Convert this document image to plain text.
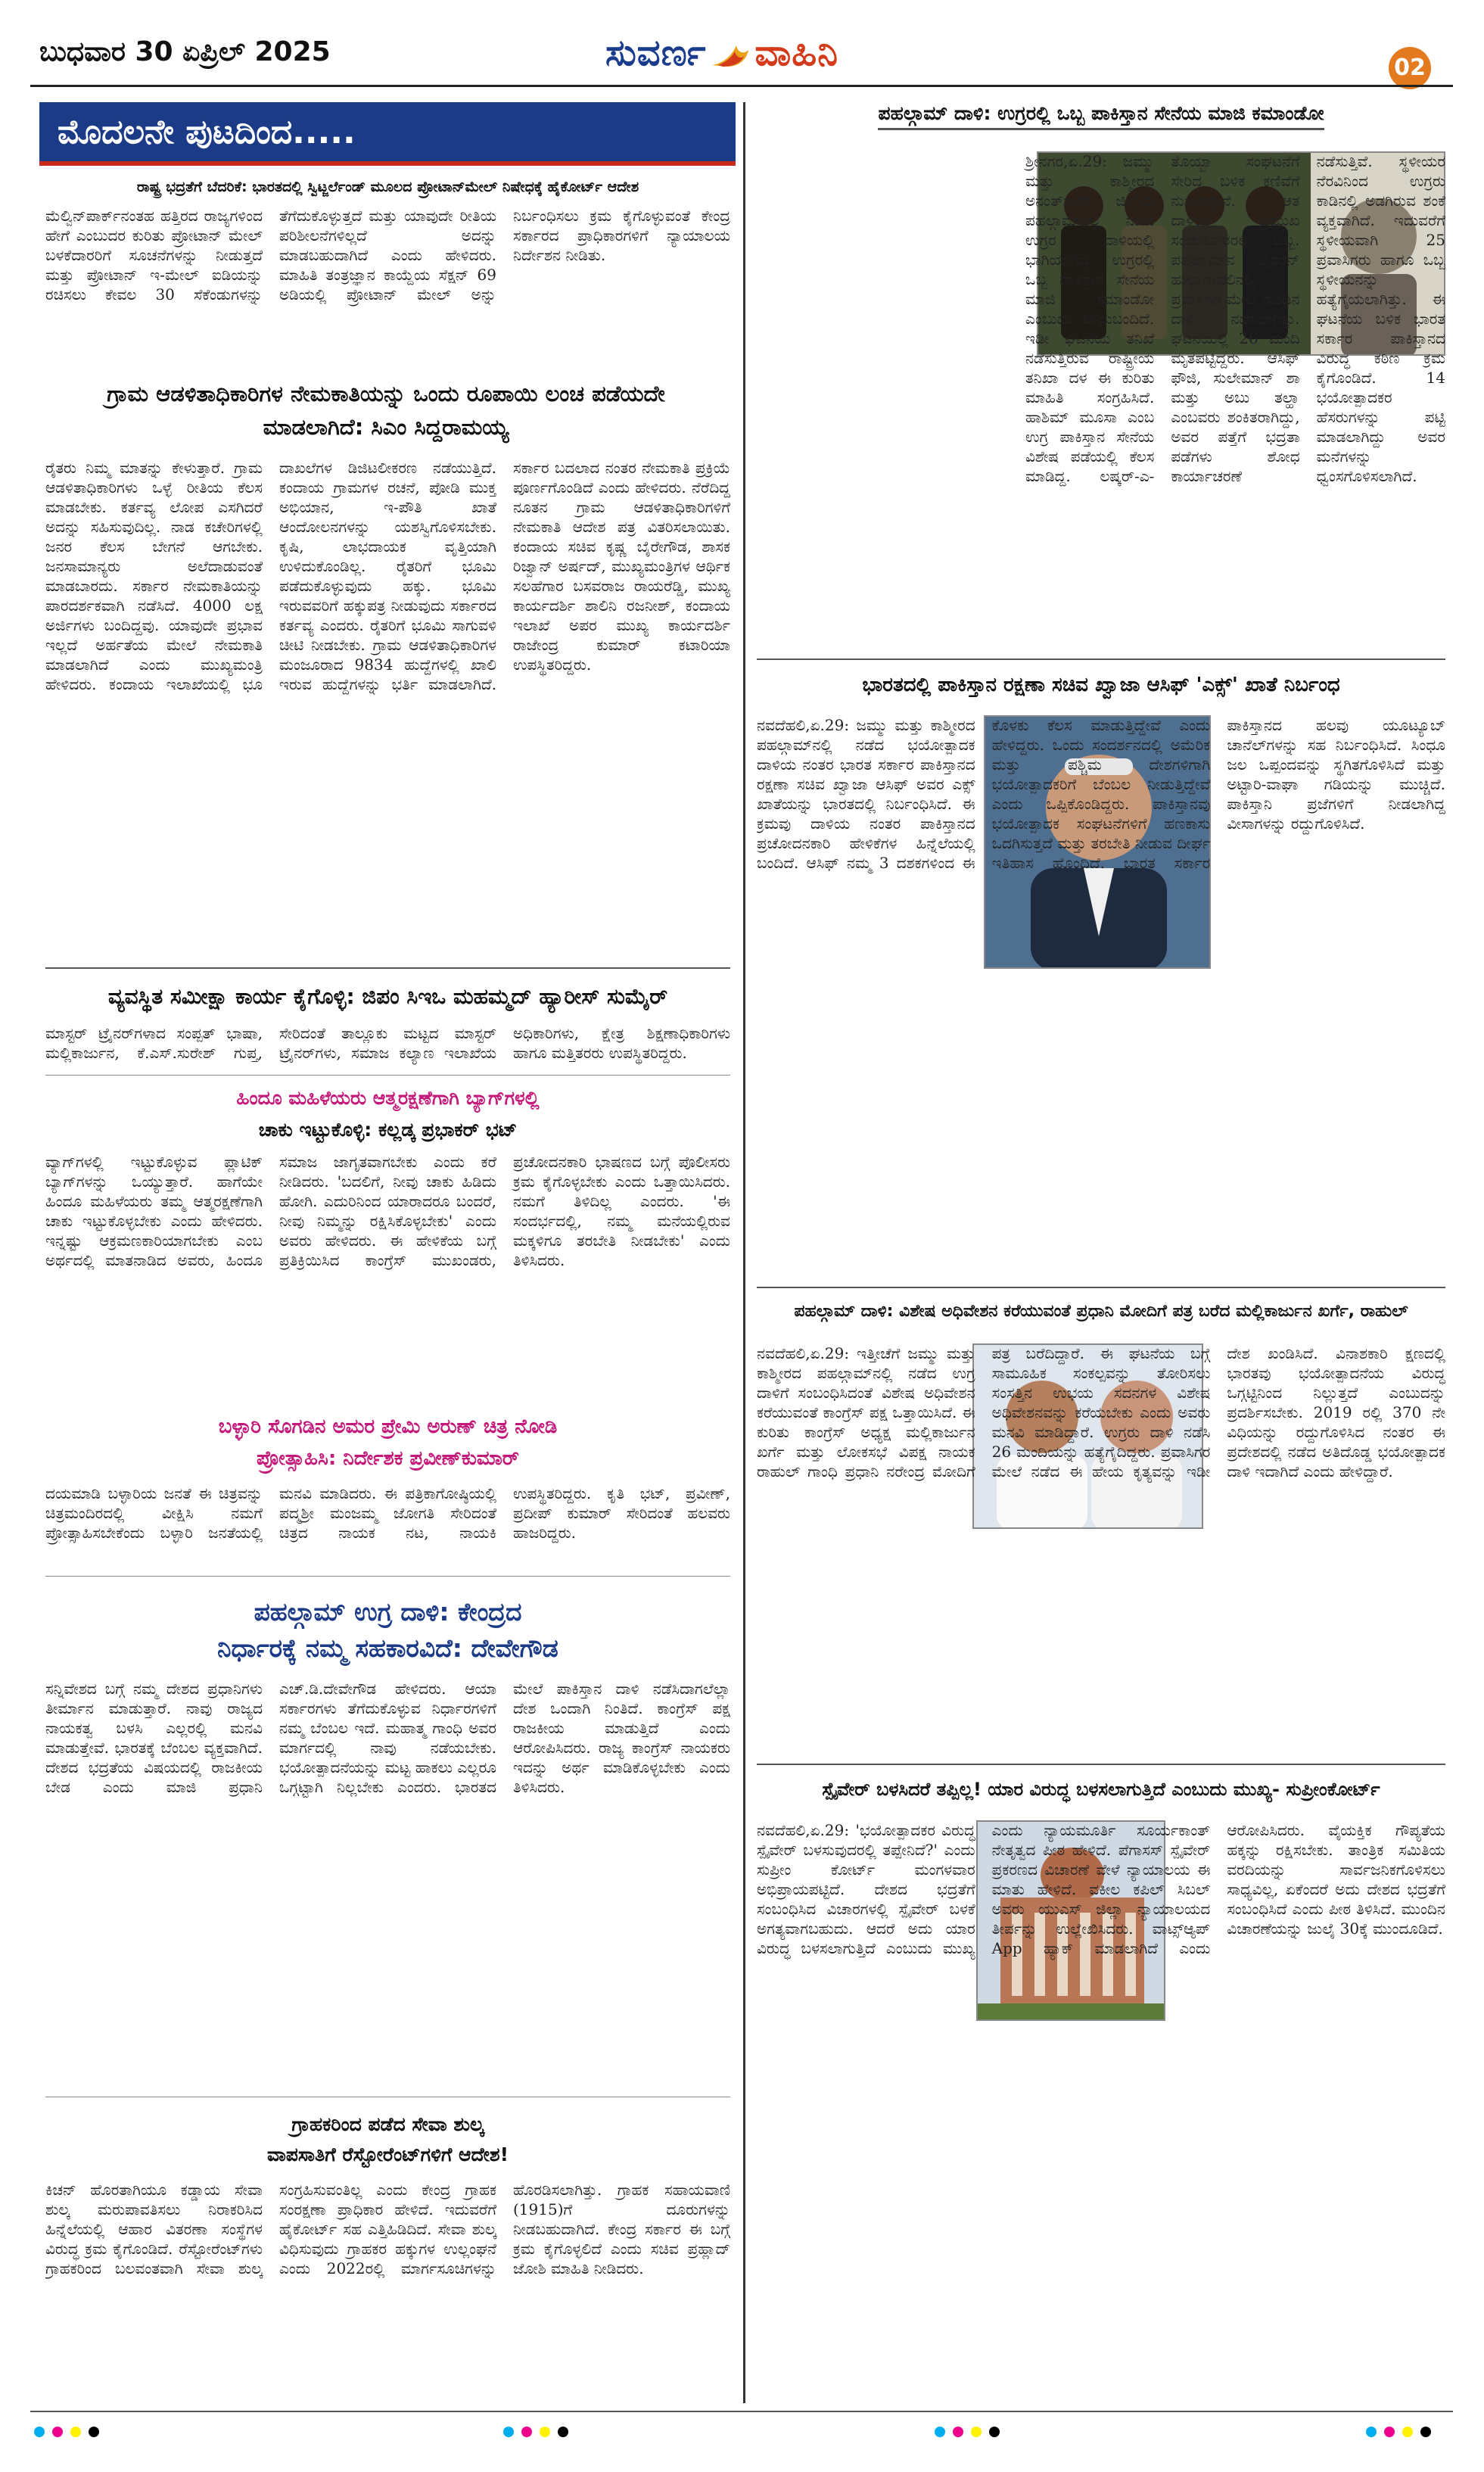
ಬುಧವಾರ 30 ಏಪ್ರಿಲ್ 2025	ಸುವರ್ಣ ವಾಹಿನಿ	02
ಮೊದಲನೇ ಪುಟದಿಂದ.....
ರಾಷ್ಟ್ರ ಭದ್ರತೆಗೆ ಬೆದರಿಕೆ: ಭಾರತದಲ್ಲಿ ಸ್ವಿಟ್ಜರ್ಲೆಂಡ್ ಮೂಲದ ಪ್ರೋಟಾನ್‌ಮೇಲ್ ನಿಷೇಧಕ್ಕೆ ಹೈಕೋರ್ಟ್ ಆದೇಶ
ಮೆಲ್ವಿನ್‌ಪಾರ್ಕ್‌ನಂತಹ ಹತ್ತಿರದ ರಾಜ್ಯಗಳಿಂದ ಹೇಗೆ ಎಂಬುದರ ಕುರಿತು ಪ್ರೋಟಾನ್ ಮೇಲ್ ಬಳಕೆದಾರರಿಗೆ ಸೂಚನೆಗಳನ್ನು ನೀಡುತ್ತದೆ ಮತ್ತು ಪ್ರೋಟಾನ್ ಇ-ಮೇಲ್ ಐಡಿಯನ್ನು ರಚಿಸಲು ಕೇವಲ 30 ಸೆಕೆಂಡುಗಳನ್ನು ತೆಗೆದುಕೊಳ್ಳುತ್ತದೆ ಮತ್ತು ಯಾವುದೇ ರೀತಿಯ ಪರಿಶೀಲನೆಗಳಿಲ್ಲದೆ ಅದನ್ನು ಮಾಡಬಹುದಾಗಿದೆ ಎಂದು ಹೇಳಿದರು. ಮಾಹಿತಿ ತಂತ್ರಜ್ಞಾನ ಕಾಯ್ದೆಯ ಸೆಕ್ಷನ್ 69 ಅಡಿಯಲ್ಲಿ ಪ್ರೋಟಾನ್ ಮೇಲ್ ಅನ್ನು ನಿರ್ಬಂಧಿಸಲು ಕ್ರಮ ಕೈಗೊಳ್ಳುವಂತೆ ಕೇಂದ್ರ ಸರ್ಕಾರದ ಪ್ರಾಧಿಕಾರಗಳಿಗೆ ನ್ಯಾಯಾಲಯ ನಿರ್ದೇಶನ ನೀಡಿತು.
ಗ್ರಾಮ ಆಡಳಿತಾಧಿಕಾರಿಗಳ ನೇಮಕಾತಿಯನ್ನು ಒಂದು ರೂಪಾಯಿ ಲಂಚ ಪಡೆಯದೇ ಮಾಡಲಾಗಿದೆ: ಸಿಎಂ ಸಿದ್ದರಾಮಯ್ಯ
ರೈತರು ನಿಮ್ಮ ಮಾತನ್ನು ಕೇಳುತ್ತಾರೆ. ಗ್ರಾಮ ಆಡಳಿತಾಧಿಕಾರಿಗಳು ಒಳ್ಳೆ ರೀತಿಯ ಕೆಲಸ ಮಾಡಬೇಕು. ಕರ್ತವ್ಯ ಲೋಪ ಎಸಗಿದರೆ ಅದನ್ನು ಸಹಿಸುವುದಿಲ್ಲ. ನಾಡ ಕಚೇರಿಗಳಲ್ಲಿ ಜನರ ಕೆಲಸ ಬೇಗನೆ ಆಗಬೇಕು. ಜನಸಾಮಾನ್ಯರು ಅಲೆದಾಡುವಂತೆ ಮಾಡಬಾರದು. ಸರ್ಕಾರ ನೇಮಕಾತಿಯನ್ನು ಪಾರದರ್ಶಕವಾಗಿ ನಡೆಸಿದೆ. 4000 ಲಕ್ಷ ಅರ್ಜಿಗಳು ಬಂದಿದ್ದವು. ಯಾವುದೇ ಪ್ರಭಾವ ಇಲ್ಲದೆ ಅರ್ಹತೆಯ ಮೇಲೆ ನೇಮಕಾತಿ ಮಾಡಲಾಗಿದೆ ಎಂದು ಮುಖ್ಯಮಂತ್ರಿ ಹೇಳಿದರು. ಕಂದಾಯ ಇಲಾಖೆಯಲ್ಲಿ ಭೂ ದಾಖಲೆಗಳ ಡಿಜಿಟಲೀಕರಣ ನಡೆಯುತ್ತಿದೆ. ಕಂದಾಯ ಗ್ರಾಮಗಳ ರಚನೆ, ಪೋಡಿ ಮುಕ್ತ ಅಭಿಯಾನ, ಇ-ಪೌತಿ ಖಾತೆ ಆಂದೋಲನಗಳನ್ನು ಯಶಸ್ವಿಗೊಳಿಸಬೇಕು. ಕೃಷಿ, ಲಾಭದಾಯಕ ವೃತ್ತಿಯಾಗಿ ಉಳಿದುಕೊಂಡಿಲ್ಲ. ರೈತರಿಗೆ ಭೂಮಿ ಪಡೆದುಕೊಳ್ಳುವುದು ಹಕ್ಕು. ಭೂಮಿ ಇರುವವರಿಗೆ ಹಕ್ಕುಪತ್ರ ನೀಡುವುದು ಸರ್ಕಾರದ ಕರ್ತವ್ಯ ಎಂದರು. ರೈತರಿಗೆ ಭೂಮಿ ಸಾಗುವಳಿ ಚೀಟಿ ನೀಡಬೇಕು. ಗ್ರಾಮ ಆಡಳಿತಾಧಿಕಾರಿಗಳ ಮಂಜೂರಾದ 9834 ಹುದ್ದೆಗಳಲ್ಲಿ ಖಾಲಿ ಇರುವ ಹುದ್ದೆಗಳನ್ನು ಭರ್ತಿ ಮಾಡಲಾಗಿದೆ. ಸರ್ಕಾರ ಬದಲಾದ ನಂತರ ನೇಮಕಾತಿ ಪ್ರಕ್ರಿಯೆ ಪೂರ್ಣಗೊಂಡಿದೆ ಎಂದು ಹೇಳಿದರು. ನೆರೆದಿದ್ದ ನೂತನ ಗ್ರಾಮ ಆಡಳಿತಾಧಿಕಾರಿಗಳಿಗೆ ನೇಮಕಾತಿ ಆದೇಶ ಪತ್ರ ವಿತರಿಸಲಾಯಿತು. ಕಂದಾಯ ಸಚಿವ ಕೃಷ್ಣ ಬೈರೇಗೌಡ, ಶಾಸಕ ರಿಜ್ವಾನ್ ಅರ್ಷದ್, ಮುಖ್ಯಮಂತ್ರಿಗಳ ಆರ್ಥಿಕ ಸಲಹೆಗಾರ ಬಸವರಾಜ ರಾಯರೆಡ್ಡಿ, ಮುಖ್ಯ ಕಾರ್ಯದರ್ಶಿ ಶಾಲಿನಿ ರಜನೀಶ್, ಕಂದಾಯ ಇಲಾಖೆ ಅಪರ ಮುಖ್ಯ ಕಾರ್ಯದರ್ಶಿ ರಾಜೇಂದ್ರ ಕುಮಾರ್ ಕಟಾರಿಯಾ ಉಪಸ್ಥಿತರಿದ್ದರು.
ವ್ಯವಸ್ಥಿತ ಸಮೀಕ್ಷಾ ಕಾರ್ಯ ಕೈಗೊಳ್ಳಿ: ಜಿಪಂ ಸಿಇಒ ಮಹಮ್ಮದ್ ಹ್ಯಾರೀಸ್ ಸುಮೈರ್
ಮಾಸ್ಟರ್ ಟ್ರೈನರ್‌ಗಳಾದ ಸಂಪ್ಪತ್ ಭಾಷಾ, ಮಲ್ಲಿಕಾರ್ಜುನ, ಕೆ.ಎಸ್.ಸುರೇಶ್ ಗುಪ್ತ, ಸೇರಿದಂತೆ ತಾಲ್ಲೂಕು ಮಟ್ಟದ ಮಾಸ್ಟರ್ ಟ್ರೈನರ್‌ಗಳು, ಸಮಾಜ ಕಲ್ಯಾಣ ಇಲಾಖೆಯ ಅಧಿಕಾರಿಗಳು, ಕ್ಷೇತ್ರ ಶಿಕ್ಷಣಾಧಿಕಾರಿಗಳು ಹಾಗೂ ಮತ್ತಿತರರು ಉಪಸ್ಥಿತರಿದ್ದರು.
ಹಿಂದೂ ಮಹಿಳೆಯರು ಆತ್ಮರಕ್ಷಣೆಗಾಗಿ ಬ್ಯಾಗ್‌ಗಳಲ್ಲಿ
ಚಾಕು ಇಟ್ಟುಕೊಳ್ಳಿ: ಕಲ್ಲಡ್ಕ ಪ್ರಭಾಕರ್ ಭಟ್
ವ್ಯಾಗ್‌ಗಳಲ್ಲಿ ಇಟ್ಟುಕೊಳ್ಳುವ ಪ್ಲಾಟಿಕ್ ಬ್ಯಾಗ್‌ಗಳನ್ನು ಒಯ್ಯುತ್ತಾರೆ. ಹಾಗೆಯೇ ಹಿಂದೂ ಮಹಿಳೆಯರು ತಮ್ಮ ಆತ್ಮರಕ್ಷಣೆಗಾಗಿ ಚಾಕು ಇಟ್ಟುಕೊಳ್ಳಬೇಕು ಎಂದು ಹೇಳಿದರು. ಇನ್ನಷ್ಟು ಆಕ್ರಮಣಕಾರಿಯಾಗಬೇಕು ಎಂಬ ಅರ್ಥದಲ್ಲಿ ಮಾತನಾಡಿದ ಅವರು, ಹಿಂದೂ ಸಮಾಜ ಜಾಗೃತವಾಗಬೇಕು ಎಂದು ಕರೆ ನೀಡಿದರು. 'ಬದಲಿಗೆ, ನೀವು ಚಾಕು ಹಿಡಿದು ಹೋಗಿ. ಎದುರಿನಿಂದ ಯಾರಾದರೂ ಬಂದರೆ, ನೀವು ನಿಮ್ಮನ್ನು ರಕ್ಷಿಸಿಕೊಳ್ಳಬೇಕು' ಎಂದು ಅವರು ಹೇಳಿದರು. ಈ ಹೇಳಿಕೆಯ ಬಗ್ಗೆ ಪ್ರತಿಕ್ರಿಯಿಸಿದ ಕಾಂಗ್ರೆಸ್ ಮುಖಂಡರು, ಪ್ರಚೋದನಕಾರಿ ಭಾಷಣದ ಬಗ್ಗೆ ಪೊಲೀಸರು ಕ್ರಮ ಕೈಗೊಳ್ಳಬೇಕು ಎಂದು ಒತ್ತಾಯಿಸಿದರು. ನಮಗೆ ತಿಳಿದಿಲ್ಲ ಎಂದರು. 'ಈ ಸಂದರ್ಭದಲ್ಲಿ, ನಮ್ಮ ಮನೆಯಲ್ಲಿರುವ ಮಕ್ಕಳಿಗೂ ತರಬೇತಿ ನೀಡಬೇಕು' ಎಂದು ತಿಳಿಸಿದರು.
ಬಳ್ಳಾರಿ ಸೊಗಡಿನ ಅಮರ ಪ್ರೇಮಿ ಅರುಣ್ ಚಿತ್ರ ನೋಡಿ
ಪ್ರೋತ್ಸಾಹಿಸಿ: ನಿರ್ದೇಶಕ ಪ್ರವೀಣ್‌ಕುಮಾರ್
ದಯಮಾಡಿ ಬಳ್ಳಾರಿಯ ಜನತೆ ಈ ಚಿತ್ರವನ್ನು ಚಿತ್ರಮಂದಿರದಲ್ಲಿ ವೀಕ್ಷಿಸಿ ನಮಗೆ ಪ್ರೋತ್ಸಾಹಿಸಬೇಕೆಂದು ಬಳ್ಳಾರಿ ಜನತೆಯಲ್ಲಿ ಮನವಿ ಮಾಡಿದರು. ಈ ಪತ್ರಿಕಾಗೋಷ್ಠಿಯಲ್ಲಿ ಪದ್ಮಶ್ರೀ ಮಂಜಮ್ಮ ಜೋಗತಿ ಸೇರಿದಂತೆ ಚಿತ್ರದ ನಾಯಕ ನಟ, ನಾಯಕಿ ಉಪಸ್ಥಿತರಿದ್ದರು. ಕೃತಿ ಭಟ್, ಪ್ರವೀಣ್, ಪ್ರದೀಪ್ ಕುಮಾರ್ ಸೇರಿದಂತೆ ಹಲವರು ಹಾಜರಿದ್ದರು.
ಪಹಲ್ಗಾಮ್ ಉಗ್ರ ದಾಳಿ: ಕೇಂದ್ರದ
ನಿರ್ಧಾರಕ್ಕೆ ನಮ್ಮ ಸಹಕಾರವಿದೆ: ದೇವೇಗೌಡ
ಸನ್ನಿವೇಶದ ಬಗ್ಗೆ ನಮ್ಮ ದೇಶದ ಪ್ರಧಾನಿಗಳು ತೀರ್ಮಾನ ಮಾಡುತ್ತಾರೆ. ನಾವು ರಾಜ್ಯದ ನಾಯಕತ್ವ ಬಳಸಿ ಎಲ್ಲರಲ್ಲಿ ಮನವಿ ಮಾಡುತ್ತೇವೆ. ಭಾರತಕ್ಕೆ ಬೆಂಬಲ ವ್ಯಕ್ತವಾಗಿದೆ. ದೇಶದ ಭದ್ರತೆಯ ವಿಷಯದಲ್ಲಿ ರಾಜಕೀಯ ಬೇಡ ಎಂದು ಮಾಜಿ ಪ್ರಧಾನಿ ಎಚ್.ಡಿ.ದೇವೇಗೌಡ ಹೇಳಿದರು. ಆಯಾ ಸರ್ಕಾರಗಳು ತೆಗೆದುಕೊಳ್ಳುವ ನಿರ್ಧಾರಗಳಿಗೆ ನಮ್ಮ ಬೆಂಬಲ ಇದೆ. ಮಹಾತ್ಮ ಗಾಂಧಿ ಅವರ ಮಾರ್ಗದಲ್ಲಿ ನಾವು ನಡೆಯಬೇಕು. ಭಯೋತ್ಪಾದನೆಯನ್ನು ಮಟ್ಟ ಹಾಕಲು ಎಲ್ಲರೂ ಒಗ್ಗಟ್ಟಾಗಿ ನಿಲ್ಲಬೇಕು ಎಂದರು. ಭಾರತದ ಮೇಲೆ ಪಾಕಿಸ್ತಾನ ದಾಳಿ ನಡೆಸಿದಾಗಲೆಲ್ಲಾ ದೇಶ ಒಂದಾಗಿ ನಿಂತಿದೆ. ಕಾಂಗ್ರೆಸ್ ಪಕ್ಷ ರಾಜಕೀಯ ಮಾಡುತ್ತಿದೆ ಎಂದು ಆರೋಪಿಸಿದರು. ರಾಜ್ಯ ಕಾಂಗ್ರೆಸ್ ನಾಯಕರು ಇದನ್ನು ಅರ್ಥ ಮಾಡಿಕೊಳ್ಳಬೇಕು ಎಂದು ತಿಳಿಸಿದರು.
ಗ್ರಾಹಕರಿಂದ ಪಡೆದ ಸೇವಾ ಶುಲ್ಕ
ವಾಪಸಾತಿಗೆ ರೆಸ್ಟೋರೆಂಟ್‌ಗಳಿಗೆ ಆದೇಶ!
ಕಿಚನ್ ಹೊರತಾಗಿಯೂ ಕಡ್ಡಾಯ ಸೇವಾ ಶುಲ್ಕ ಮರುಪಾವತಿಸಲು ನಿರಾಕರಿಸಿದ ಹಿನ್ನೆಲೆಯಲ್ಲಿ ಆಹಾರ ವಿತರಣಾ ಸಂಸ್ಥೆಗಳ ವಿರುದ್ಧ ಕ್ರಮ ಕೈಗೊಂಡಿದೆ. ರೆಸ್ಟೋರೆಂಟ್‌ಗಳು ಗ್ರಾಹಕರಿಂದ ಬಲವಂತವಾಗಿ ಸೇವಾ ಶುಲ್ಕ ಸಂಗ್ರಹಿಸುವಂತಿಲ್ಲ ಎಂದು ಕೇಂದ್ರ ಗ್ರಾಹಕ ಸಂರಕ್ಷಣಾ ಪ್ರಾಧಿಕಾರ ಹೇಳಿದೆ. ಇದುವರೆಗೆ ಹೈಕೋರ್ಟ್ ಸಹ ಎತ್ತಿಹಿಡಿದಿದೆ. ಸೇವಾ ಶುಲ್ಕ ವಿಧಿಸುವುದು ಗ್ರಾಹಕರ ಹಕ್ಕುಗಳ ಉಲ್ಲಂಘನೆ ಎಂದು 2022ರಲ್ಲಿ ಮಾರ್ಗಸೂಚಿಗಳನ್ನು ಹೊರಡಿಸಲಾಗಿತ್ತು. ಗ್ರಾಹಕ ಸಹಾಯವಾಣಿ (1915)ಗೆ ದೂರುಗಳನ್ನು ನೀಡಬಹುದಾಗಿದೆ. ಕೇಂದ್ರ ಸರ್ಕಾರ ಈ ಬಗ್ಗೆ ಕ್ರಮ ಕೈಗೊಳ್ಳಲಿದೆ ಎಂದು ಸಚಿವ ಪ್ರಹ್ಲಾದ್ ಜೋಶಿ ಮಾಹಿತಿ ನೀಡಿದರು.
ಪಹಲ್ಗಾಮ್ ದಾಳಿ: ಉಗ್ರರಲ್ಲಿ ಒಬ್ಬ ಪಾಕಿಸ್ತಾನ ಸೇನೆಯ ಮಾಜಿ ಕಮಾಂಡೋ
ಶ್ರೀನಗರ,ಏ.29: ಜಮ್ಮು ಮತ್ತು ಕಾಶ್ಮೀರದ ಅನಂತ್‌ನಾಗ್ ಜಿಲ್ಲೆಯ ಪಹಲ್ಗಾಮ್‌ನಲ್ಲಿ ನಡೆದ ಉಗ್ರರ ದಾಳಿಯಲ್ಲಿ ಭಾಗಿಯಾಗಿದ್ದ ಉಗ್ರರಲ್ಲಿ ಒಬ್ಬ ಪಾಕಿಸ್ತಾನ ಸೇನೆಯ ಮಾಜಿ ಕಮಾಂಡೋ ಎಂಬುದು ತಿಳಿದುಬಂದಿದೆ. ಇಡೀ ಘಟನೆಯ ತನಿಖೆ ನಡೆಸುತ್ತಿರುವ ರಾಷ್ಟ್ರೀಯ ತನಿಖಾ ದಳ ಈ ಕುರಿತು ಮಾಹಿತಿ ಸಂಗ್ರಹಿಸಿದೆ. ಹಾಶಿಮ್ ಮೂಸಾ ಎಂಬ ಉಗ್ರ ಪಾಕಿಸ್ತಾನ ಸೇನೆಯ ವಿಶೇಷ ಪಡೆಯಲ್ಲಿ ಕೆಲಸ ಮಾಡಿದ್ದ. ಲಷ್ಕರ್-ಎ-ತೊಯ್ಬಾ ಸಂಘಟನೆಗೆ ಸೇರಿದ ಬಳಿಕ ಕಣಿವೆಗೆ ನುಸುಳಿದ್ದಾನೆ. ಆತ ದಾಳಿಯ ಪ್ರಮುಖ ಸಂಚುಕೋರರಲ್ಲಿ ಒಬ್ಬ. ಪಹಲ್ಗಾಮ್‌ನ ಬೈಸರನ್ ಹುಲ್ಲುಗಾವಲಿನಲ್ಲಿ ಪ್ರವಾಸಿಗರ ಮೇಲೆ ಗುಂಡಿನ ದಾಳಿ ನಡೆಸಲಾಗಿತ್ತು. ಘಟನೆಯಲ್ಲಿ 26 ಮಂದಿ ಮೃತಪಟ್ಟಿದ್ದರು. ಆಸಿಫ್ ಫೌಜಿ, ಸುಲೇಮಾನ್ ಶಾ ಮತ್ತು ಅಬು ತಲ್ಹಾ ಎಂಬವರು ಶಂಕಿತರಾಗಿದ್ದು, ಅವರ ಪತ್ತೆಗೆ ಭದ್ರತಾ ಪಡೆಗಳು ಶೋಧ ಕಾರ್ಯಾಚರಣೆ ನಡೆಸುತ್ತಿವೆ. ಸ್ಥಳೀಯರ ನೆರವಿನಿಂದ ಉಗ್ರರು ಕಾಡಿನಲ್ಲಿ ಅಡಗಿರುವ ಶಂಕೆ ವ್ಯಕ್ತವಾಗಿದೆ. ಇದುವರೆಗೆ ಸ್ಥಳೀಯವಾಗಿ 25 ಪ್ರವಾಸಿಗರು ಹಾಗೂ ಒಬ್ಬ ಸ್ಥಳೀಯನನ್ನು ಹತ್ಯೆಗೈಯಲಾಗಿತ್ತು. ಈ ಘಟನೆಯ ಬಳಿಕ ಭಾರತ ಸರ್ಕಾರ ಪಾಕಿಸ್ತಾನದ ವಿರುದ್ಧ ಕಠಿಣ ಕ್ರಮ ಕೈಗೊಂಡಿದೆ. 14 ಭಯೋತ್ಪಾದಕರ ಹೆಸರುಗಳನ್ನು ಪಟ್ಟಿ ಮಾಡಲಾಗಿದ್ದು ಅವರ ಮನೆಗಳನ್ನು ಧ್ವಂಸಗೊಳಿಸಲಾಗಿದೆ.
ಭಾರತದಲ್ಲಿ ಪಾಕಿಸ್ತಾನ ರಕ್ಷಣಾ ಸಚಿವ ಖ್ವಾಜಾ ಆಸಿಫ್ 'ಎಕ್ಸ್' ಖಾತೆ ನಿರ್ಬಂಧ
ನವದೆಹಲಿ,ಏ.29: ಜಮ್ಮು ಮತ್ತು ಕಾಶ್ಮೀರದ ಪಹಲ್ಗಾಮ್‌ನಲ್ಲಿ ನಡೆದ ಭಯೋತ್ಪಾದಕ ದಾಳಿಯ ನಂತರ ಭಾರತ ಸರ್ಕಾರ ಪಾಕಿಸ್ತಾನದ ರಕ್ಷಣಾ ಸಚಿವ ಖ್ವಾಜಾ ಆಸಿಫ್ ಅವರ ಎಕ್ಸ್ ಖಾತೆಯನ್ನು ಭಾರತದಲ್ಲಿ ನಿರ್ಬಂಧಿಸಿದೆ. ಈ ಕ್ರಮವು ದಾಳಿಯ ನಂತರ ಪಾಕಿಸ್ತಾನದ ಪ್ರಚೋದನಕಾರಿ ಹೇಳಿಕೆಗಳ ಹಿನ್ನೆಲೆಯಲ್ಲಿ ಬಂದಿದೆ. ಆಸಿಫ್ ನಮ್ಮ 3 ದಶಕಗಳಿಂದ ಈ ಕೊಳಕು ಕೆಲಸ ಮಾಡುತ್ತಿದ್ದೇವೆ ಎಂದು ಹೇಳಿದ್ದರು. ಒಂದು ಸಂದರ್ಶನದಲ್ಲಿ ಅಮೆರಿಕ ಮತ್ತು ಪಶ್ಚಿಮ ದೇಶಗಳಿಗಾಗಿ ಭಯೋತ್ಪಾದಕರಿಗೆ ಬೆಂಬಲ ನೀಡುತ್ತಿದ್ದೇವೆ ಎಂದು ಒಪ್ಪಿಕೊಂಡಿದ್ದರು. ಪಾಕಿಸ್ತಾನವು ಭಯೋತ್ಪಾದಕ ಸಂಘಟನೆಗಳಿಗೆ ಹಣಕಾಸು ಒದಗಿಸುತ್ತದೆ ಮತ್ತು ತರಬೇತಿ ನೀಡುವ ದೀರ್ಘ ಇತಿಹಾಸ ಹೊಂದಿದೆ. ಭಾರತ ಸರ್ಕಾರ ಪಾಕಿಸ್ತಾನದ ಹಲವು ಯೂಟ್ಯೂಬ್ ಚಾನೆಲ್‌ಗಳನ್ನು ಸಹ ನಿರ್ಬಂಧಿಸಿದೆ. ಸಿಂಧೂ ಜಲ ಒಪ್ಪಂದವನ್ನು ಸ್ಥಗಿತಗೊಳಿಸಿದೆ ಮತ್ತು ಅಟ್ಟಾರಿ-ವಾಘಾ ಗಡಿಯನ್ನು ಮುಚ್ಚಿದೆ. ಪಾಕಿಸ್ತಾನಿ ಪ್ರಜೆಗಳಿಗೆ ನೀಡಲಾಗಿದ್ದ ವೀಸಾಗಳನ್ನು ರದ್ದುಗೊಳಿಸಿದೆ.
ಪಹಲ್ಗಾಮ್ ದಾಳಿ: ವಿಶೇಷ ಅಧಿವೇಶನ ಕರೆಯುವಂತೆ ಪ್ರಧಾನಿ ಮೋದಿಗೆ ಪತ್ರ ಬರೆದ ಮಲ್ಲಿಕಾರ್ಜುನ ಖರ್ಗೆ, ರಾಹುಲ್
ನವದೆಹಲಿ,ಏ.29: ಇತ್ತೀಚೆಗೆ ಜಮ್ಮು ಮತ್ತು ಕಾಶ್ಮೀರದ ಪಹಲ್ಗಾಮ್‌ನಲ್ಲಿ ನಡೆದ ಉಗ್ರ ದಾಳಿಗೆ ಸಂಬಂಧಿಸಿದಂತೆ ವಿಶೇಷ ಅಧಿವೇಶನ ಕರೆಯುವಂತೆ ಕಾಂಗ್ರೆಸ್ ಪಕ್ಷ ಒತ್ತಾಯಿಸಿದೆ. ಈ ಕುರಿತು ಕಾಂಗ್ರೆಸ್ ಅಧ್ಯಕ್ಷ ಮಲ್ಲಿಕಾರ್ಜುನ ಖರ್ಗೆ ಮತ್ತು ಲೋಕಸಭೆ ವಿಪಕ್ಷ ನಾಯಕ ರಾಹುಲ್ ಗಾಂಧಿ ಪ್ರಧಾನಿ ನರೇಂದ್ರ ಮೋದಿಗೆ ಪತ್ರ ಬರೆದಿದ್ದಾರೆ. ಈ ಘಟನೆಯ ಬಗ್ಗೆ ಸಾಮೂಹಿಕ ಸಂಕಲ್ಪವನ್ನು ತೋರಿಸಲು ಸಂಸತ್ತಿನ ಉಭಯ ಸದನಗಳ ವಿಶೇಷ ಅಧಿವೇಶನವನ್ನು ಕರೆಯಬೇಕು ಎಂದು ಅವರು ಮನವಿ ಮಾಡಿದ್ದಾರೆ. ಉಗ್ರರು ದಾಳಿ ನಡೆಸಿ 26 ಮಂದಿಯನ್ನು ಹತ್ಯೆಗೈದಿದ್ದರು. ಪ್ರವಾಸಿಗರ ಮೇಲೆ ನಡೆದ ಈ ಹೇಯ ಕೃತ್ಯವನ್ನು ಇಡೀ ದೇಶ ಖಂಡಿಸಿದೆ. ವಿನಾಶಕಾರಿ ಕ್ಷಣದಲ್ಲಿ ಭಾರತವು ಭಯೋತ್ಪಾದನೆಯ ವಿರುದ್ಧ ಒಗ್ಗಟ್ಟಿನಿಂದ ನಿಲ್ಲುತ್ತದೆ ಎಂಬುದನ್ನು ಪ್ರದರ್ಶಿಸಬೇಕು. 2019 ರಲ್ಲಿ 370 ನೇ ವಿಧಿಯನ್ನು ರದ್ದುಗೊಳಿಸಿದ ನಂತರ ಈ ಪ್ರದೇಶದಲ್ಲಿ ನಡೆದ ಅತಿದೊಡ್ಡ ಭಯೋತ್ಪಾದಕ ದಾಳಿ ಇದಾಗಿದೆ ಎಂದು ಹೇಳಿದ್ದಾರೆ.
ಸ್ಪೈವೇರ್ ಬಳಸಿದರೆ ತಪ್ಪಿಲ್ಲ! ಯಾರ ವಿರುದ್ಧ ಬಳಸಲಾಗುತ್ತಿದೆ ಎಂಬುದು ಮುಖ್ಯ- ಸುಪ್ರೀಂಕೋರ್ಟ್
ನವದೆಹಲಿ,ಏ.29: 'ಭಯೋತ್ಪಾದಕರ ವಿರುದ್ಧ ಸ್ಪೈವೇರ್ ಬಳಸುವುದರಲ್ಲಿ ತಪ್ಪೇನಿದೆ?' ಎಂದು ಸುಪ್ರೀಂ ಕೋರ್ಟ್ ಮಂಗಳವಾರ ಅಭಿಪ್ರಾಯಪಟ್ಟಿದೆ. ದೇಶದ ಭದ್ರತೆಗೆ ಸಂಬಂಧಿಸಿದ ವಿಚಾರಗಳಲ್ಲಿ ಸ್ಪೈವೇರ್ ಬಳಕೆ ಅಗತ್ಯವಾಗಬಹುದು. ಆದರೆ ಅದು ಯಾರ ವಿರುದ್ಧ ಬಳಸಲಾಗುತ್ತಿದೆ ಎಂಬುದು ಮುಖ್ಯ ಎಂದು ನ್ಯಾಯಮೂರ್ತಿ ಸೂರ್ಯಕಾಂತ್ ನೇತೃತ್ವದ ಪೀಠ ಹೇಳಿದೆ. ಪೆಗಾಸಸ್ ಸ್ಪೈವೇರ್ ಪ್ರಕರಣದ ವಿಚಾರಣೆ ವೇಳೆ ನ್ಯಾಯಾಲಯ ಈ ಮಾತು ಹೇಳಿದೆ. ವಕೀಲ ಕಪಿಲ್ ಸಿಬಲ್ ಅವರು ಯುಎಸ್ ಜಿಲ್ಲಾ ನ್ಯಾಯಾಲಯದ ತೀರ್ಪನ್ನು ಉಲ್ಲೇಖಿಸಿದರು. ವಾಟ್ಸ್‌ಆ್ಯಪ್ App ಹ್ಯಾಕ್ ಮಾಡಲಾಗಿದೆ ಎಂದು ಆರೋಪಿಸಿದರು. ವೈಯಕ್ತಿಕ ಗೌಪ್ಯತೆಯ ಹಕ್ಕನ್ನು ರಕ್ಷಿಸಬೇಕು. ತಾಂತ್ರಿಕ ಸಮಿತಿಯ ವರದಿಯನ್ನು ಸಾರ್ವಜನಿಕಗೊಳಿಸಲು ಸಾಧ್ಯವಿಲ್ಲ, ಏಕೆಂದರೆ ಅದು ದೇಶದ ಭದ್ರತೆಗೆ ಸಂಬಂಧಿಸಿದೆ ಎಂದು ಪೀಠ ತಿಳಿಸಿದೆ. ಮುಂದಿನ ವಿಚಾರಣೆಯನ್ನು ಜುಲೈ 30ಕ್ಕೆ ಮುಂದೂಡಿದೆ.
